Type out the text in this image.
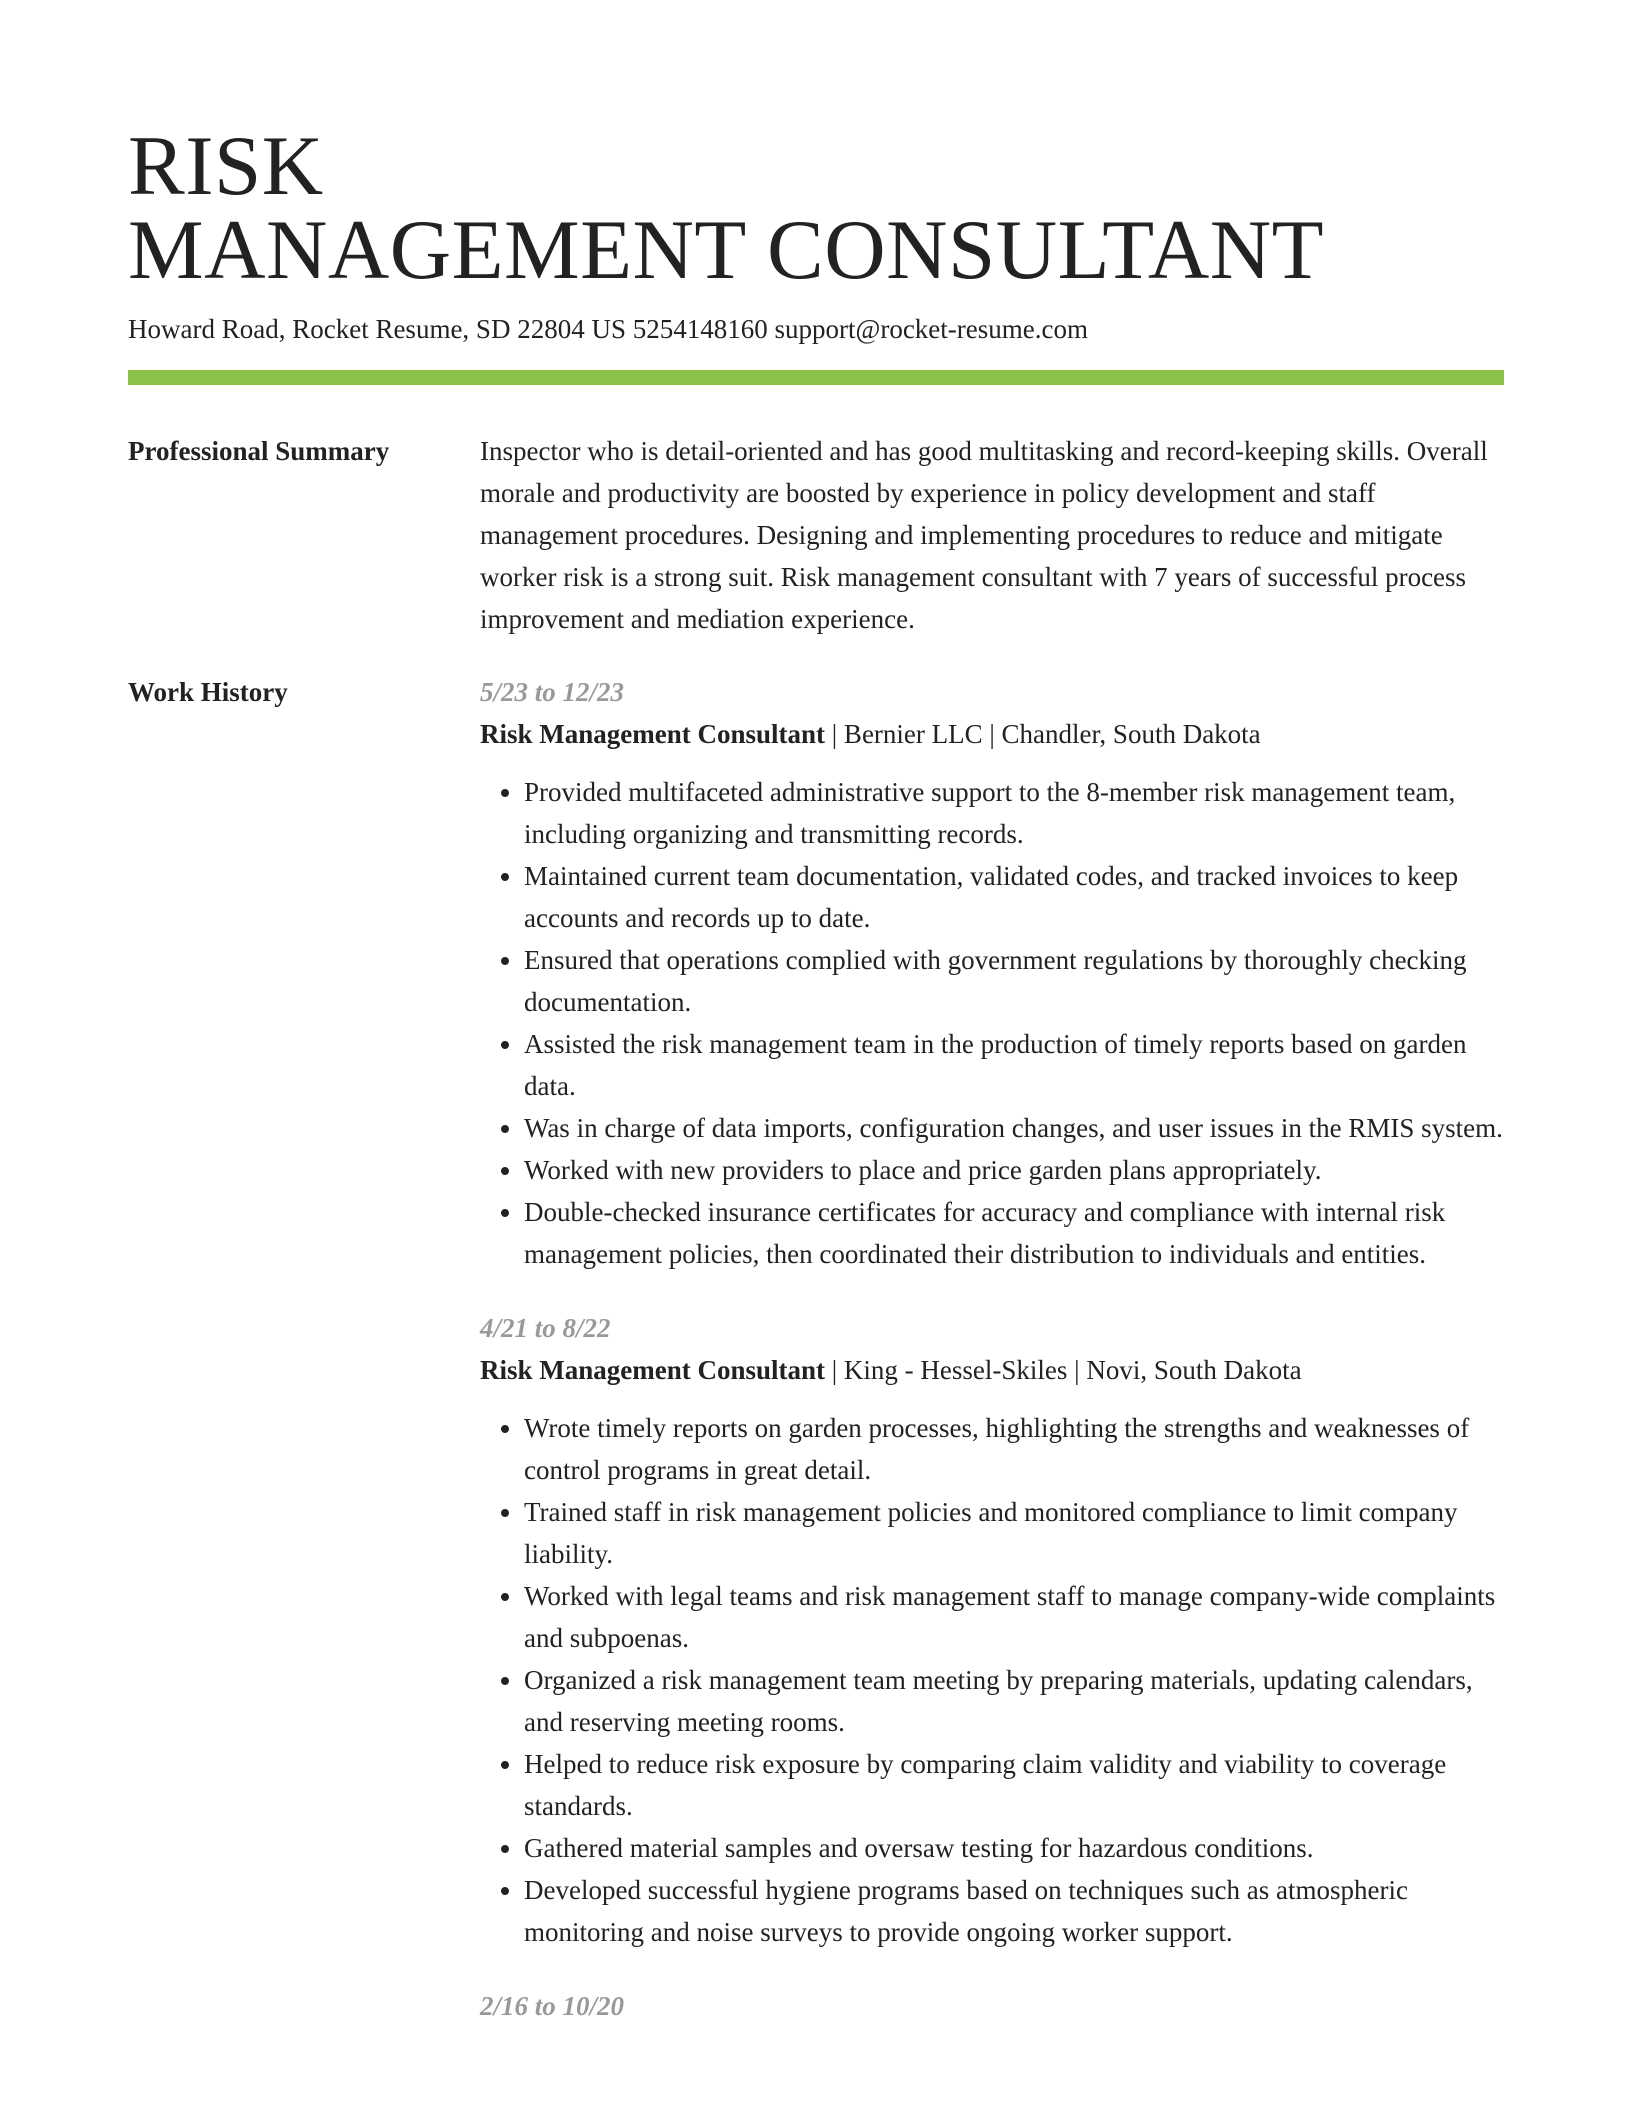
RISK
MANAGEMENT CONSULTANT
Howard Road, Rocket Resume, SD 22804 US 5254148160 support@rocket-resume.com
Professional Summary	Inspector who is detail-oriented and has good multitasking and record-keeping skills. Overall morale and productivity are boosted by experience in policy development and staff management procedures. Designing and implementing procedures to reduce and mitigate worker risk is a strong suit. Risk management consultant with 7 years of successful process improvement and mediation experience.
Work History	5/23 to 12/23
Risk Management Consultant | Bernier LLC | Chandler, South Dakota
• Provided multifaceted administrative support to the 8-member risk management team, including organizing and transmitting records.
• Maintained current team documentation, validated codes, and tracked invoices to keep accounts and records up to date.
• Ensured that operations complied with government regulations by thoroughly checking documentation.
• Assisted the risk management team in the production of timely reports based on garden data.
• Was in charge of data imports, configuration changes, and user issues in the RMIS system.
• Worked with new providers to place and price garden plans appropriately.
• Double-checked insurance certificates for accuracy and compliance with internal risk management policies, then coordinated their distribution to individuals and entities.
4/21 to 8/22
Risk Management Consultant | King - Hessel-Skiles | Novi, South Dakota
• Wrote timely reports on garden processes, highlighting the strengths and weaknesses of control programs in great detail.
• Trained staff in risk management policies and monitored compliance to limit company liability.
• Worked with legal teams and risk management staff to manage company-wide complaints and subpoenas.
• Organized a risk management team meeting by preparing materials, updating calendars, and reserving meeting rooms.
• Helped to reduce risk exposure by comparing claim validity and viability to coverage standards.
• Gathered material samples and oversaw testing for hazardous conditions.
• Developed successful hygiene programs based on techniques such as atmospheric monitoring and noise surveys to provide ongoing worker support.
2/16 to 10/20
